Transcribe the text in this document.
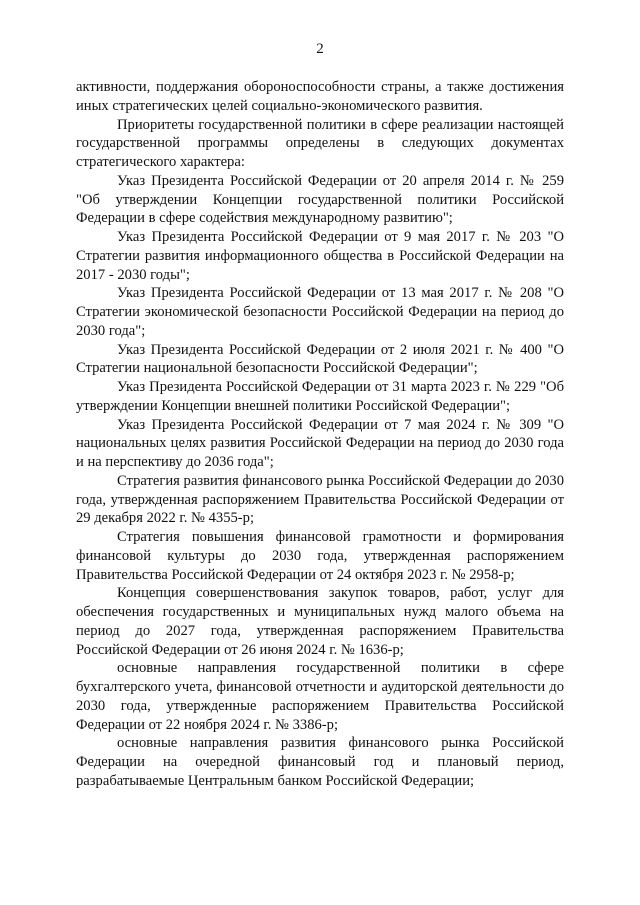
2

активности, поддержания обороноспособности страны, а также достижения иных стратегических целей социально-экономического развития.

Приоритеты государственной политики в сфере реализации настоящей государственной программы определены в следующих документах стратегического характера:

Указ Президента Российской Федерации от 20 апреля 2014 г. № 259 "Об утверждении Концепции государственной политики Российской Федерации в сфере содействия международному развитию";

Указ Президента Российской Федерации от 9 мая 2017 г. № 203 "О Стратегии развития информационного общества в Российской Федерации на 2017 - 2030 годы";

Указ Президента Российской Федерации от 13 мая 2017 г. № 208 "О Стратегии экономической безопасности Российской Федерации на период до 2030 года";

Указ Президента Российской Федерации от 2 июля 2021 г. № 400 "О Стратегии национальной безопасности Российской Федерации";

Указ Президента Российской Федерации от 31 марта 2023 г. № 229 "Об утверждении Концепции внешней политики Российской Федерации";

Указ Президента Российской Федерации от 7 мая 2024 г. № 309 "О национальных целях развития Российской Федерации на период до 2030 года и на перспективу до 2036 года";

Стратегия развития финансового рынка Российской Федерации до 2030 года, утвержденная распоряжением Правительства Российской Федерации от 29 декабря 2022 г. № 4355-р;

Стратегия повышения финансовой грамотности и формирования финансовой культуры до 2030 года, утвержденная распоряжением Правительства Российской Федерации от 24 октября 2023 г. № 2958-р;

Концепция совершенствования закупок товаров, работ, услуг для обеспечения государственных и муниципальных нужд малого объема на период до 2027 года, утвержденная распоряжением Правительства Российской Федерации от 26 июня 2024 г. № 1636-р;

основные направления государственной политики в сфере бухгалтерского учета, финансовой отчетности и аудиторской деятельности до 2030 года, утвержденные распоряжением Правительства Российской Федерации от 22 ноября 2024 г. № 3386-р;

основные направления развития финансового рынка Российской Федерации на очередной финансовый год и плановый период, разрабатываемые Центральным банком Российской Федерации;
